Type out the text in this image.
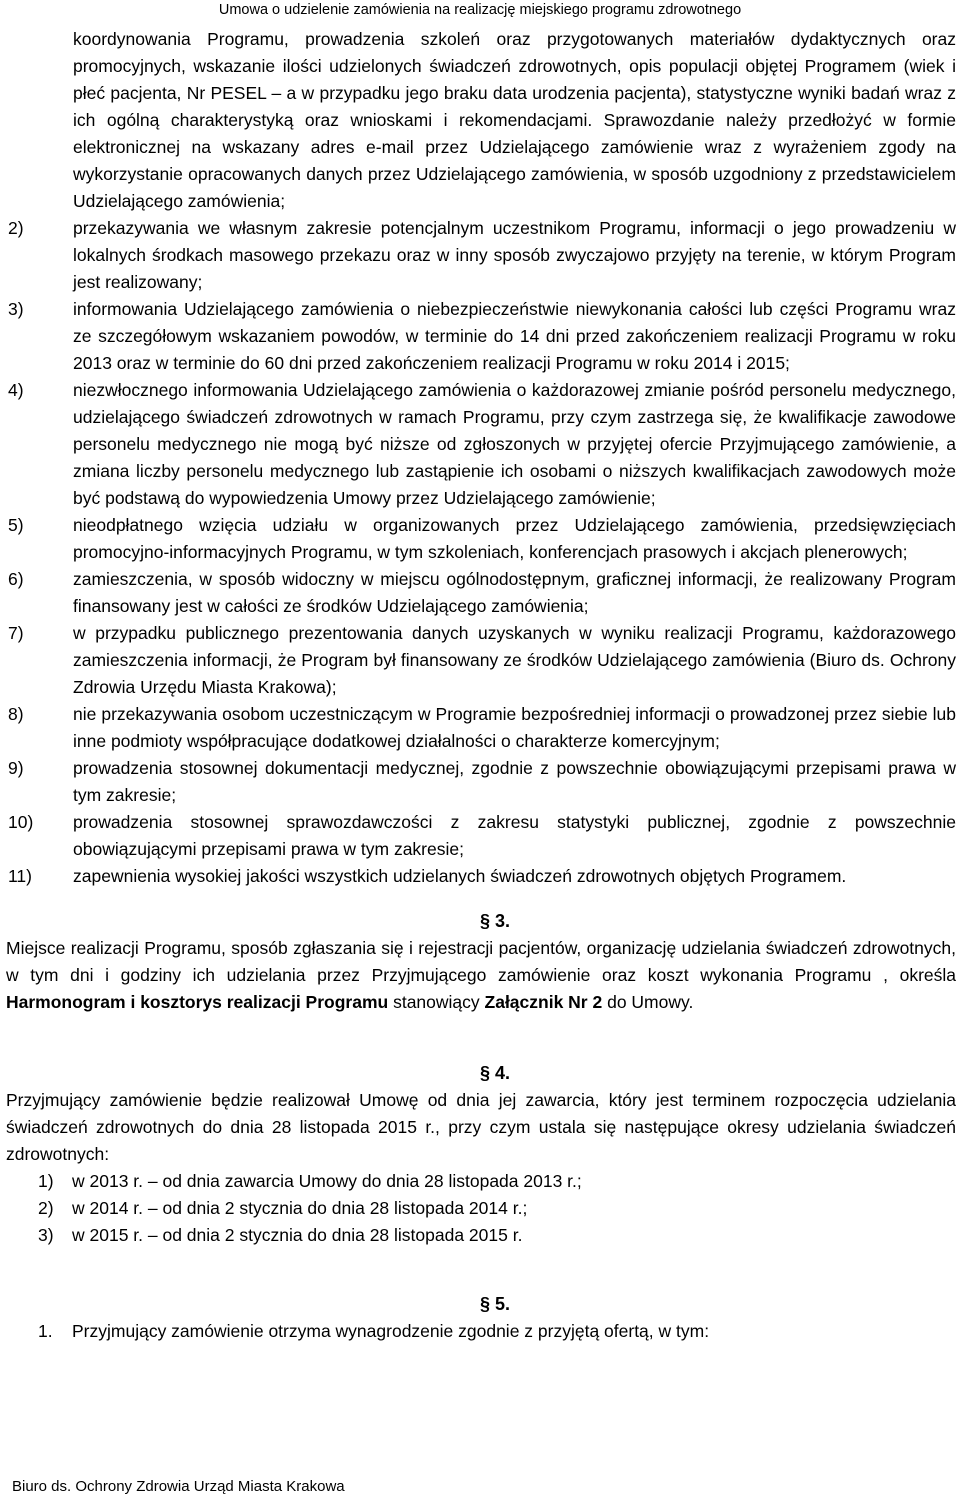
Umowa o udzielenie zamówienia na realizację miejskiego programu zdrowotnego
koordynowania Programu, prowadzenia szkoleń oraz przygotowanych materiałów dydaktycznych oraz promocyjnych, wskazanie ilości udzielonych świadczeń zdrowotnych, opis populacji objętej Programem (wiek i płeć pacjenta, Nr PESEL – a w przypadku jego braku data urodzenia pacjenta), statystyczne wyniki badań wraz z ich ogólną charakterystyką oraz wnioskami i rekomendacjami. Sprawozdanie należy przedłożyć w formie elektronicznej na wskazany adres e-mail przez Udzielającego zamówienie wraz z wyrażeniem zgody na wykorzystanie opracowanych danych przez Udzielającego zamówienia, w sposób uzgodniony z przedstawicielem Udzielającego zamówienia;
2)	przekazywania we własnym zakresie potencjalnym uczestnikom Programu, informacji o jego prowadzeniu w lokalnych środkach masowego przekazu oraz w inny sposób zwyczajowo przyjęty na terenie, w którym Program jest realizowany;
3)	informowania Udzielającego zamówienia o niebezpieczeństwie niewykonania całości lub części Programu wraz ze szczegółowym wskazaniem powodów, w terminie do 14 dni przed zakończeniem realizacji Programu w roku 2013 oraz w terminie do 60 dni przed zakończeniem realizacji Programu w roku 2014 i 2015;
4)	niezwłocznego informowania Udzielającego zamówienia o każdorazowej zmianie pośród personelu medycznego, udzielającego świadczeń zdrowotnych w ramach Programu, przy czym zastrzega się, że kwalifikacje zawodowe personelu medycznego nie mogą być niższe od zgłoszonych w przyjętej ofercie Przyjmującego zamówienie, a zmiana liczby personelu medycznego lub zastąpienie ich osobami o niższych kwalifikacjach zawodowych może być podstawą do wypowiedzenia Umowy przez Udzielającego zamówienie;
5)	nieodpłatnego wzięcia udziału w organizowanych przez Udzielającego zamówienia, przedsięwzięciach promocyjno-informacyjnych Programu, w tym szkoleniach, konferencjach prasowych i akcjach plenerowych;
6)	zamieszczenia, w sposób widoczny w miejscu ogólnodostępnym, graficznej informacji, że realizowany Program finansowany jest w całości ze środków Udzielającego zamówienia;
7)	w przypadku publicznego prezentowania danych uzyskanych w wyniku realizacji Programu, każdorazowego zamieszczenia informacji, że Program był finansowany ze środków Udzielającego zamówienia (Biuro ds. Ochrony Zdrowia Urzędu Miasta Krakowa);
8)	nie przekazywania osobom uczestniczącym w Programie bezpośredniej informacji o prowadzonej przez siebie lub inne podmioty współpracujące dodatkowej działalności o charakterze komercyjnym;
9)	prowadzenia stosownej dokumentacji medycznej, zgodnie z powszechnie obowiązującymi przepisami prawa w tym zakresie;
10)	prowadzenia stosownej sprawozdawczości z zakresu statystyki publicznej, zgodnie z powszechnie obowiązującymi przepisami prawa w tym zakresie;
11)	zapewnienia wysokiej jakości wszystkich udzielanych świadczeń zdrowotnych objętych Programem.
§ 3.
Miejsce realizacji Programu, sposób zgłaszania się i rejestracji pacjentów, organizację udzielania świadczeń zdrowotnych, w tym dni i godziny ich udzielania przez Przyjmującego zamówienie oraz koszt wykonania Programu , określa Harmonogram i kosztorys realizacji Programu stanowiący Załącznik Nr 2 do Umowy.
§ 4.
Przyjmujący zamówienie będzie realizował Umowę od dnia jej zawarcia, który jest terminem rozpoczęcia udzielania świadczeń zdrowotnych do dnia 28 listopada 2015 r., przy czym ustala się następujące okresy udzielania świadczeń zdrowotnych:
1)	w 2013 r. – od dnia zawarcia Umowy do dnia 28 listopada 2013 r.;
2)	w 2014 r. – od dnia 2 stycznia do dnia 28 listopada 2014 r.;
3)	w 2015 r. – od dnia 2 stycznia do dnia 28 listopada 2015 r.
§ 5.
1.	Przyjmujący zamówienie otrzyma wynagrodzenie zgodnie z przyjętą ofertą, w tym:
Biuro ds. Ochrony Zdrowia Urząd Miasta Krakowa
